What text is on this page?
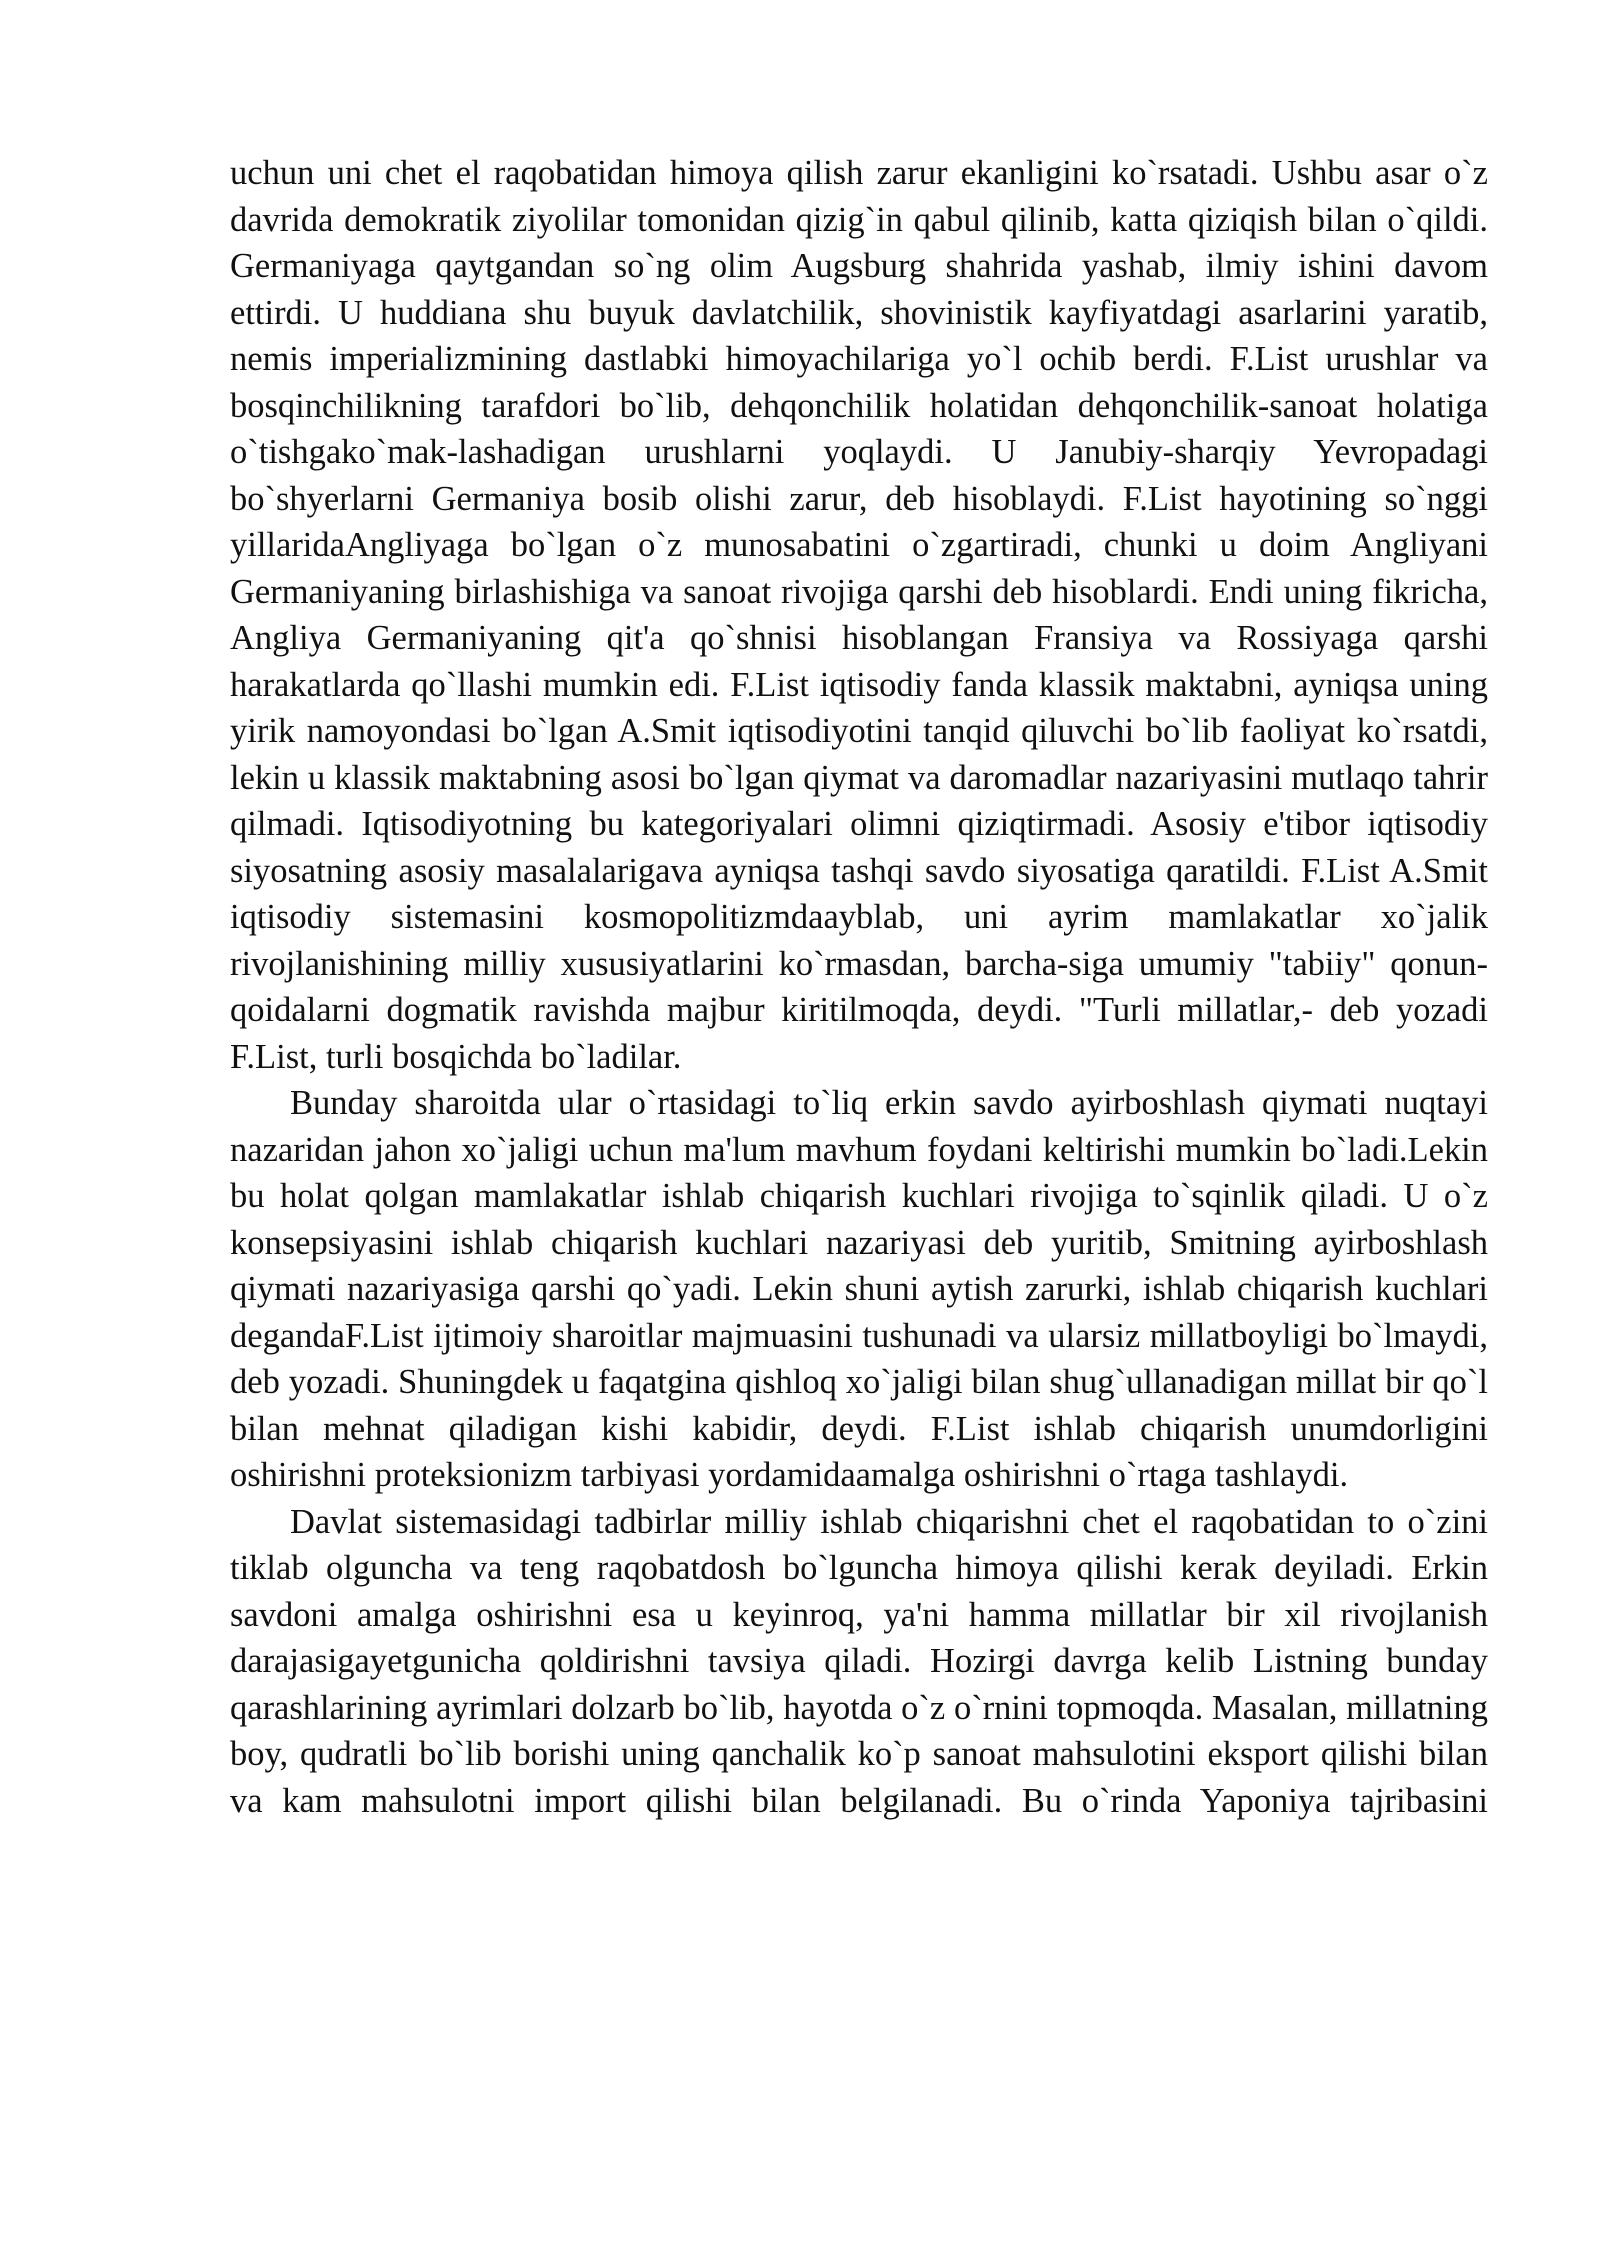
uchun uni chet el raqobatidan himoya qilish zarur ekanligini ko`rsatadi. Ushbu asar o`z davrida demokratik ziyolilar tomonidan qizig`in qabul qilinib, katta qiziqish bilan o`qildi. Germaniyaga qaytgandan so`ng olim Augsburg shahrida yashab, ilmiy ishini davom ettirdi. U huddiana shu buyuk davlatchilik, shovinistik kayfiyatdagi asarlarini yaratib, nemis imperializmining dastlabki himoyachilariga yo`l ochib berdi. F.List urushlar va bosqinchilikning tarafdori bo`lib, dehqonchilik holatidan dehqonchilik-sanoat holatiga o`tishgako`mak-lashadigan urushlarni yoqlaydi. U Janubiy-sharqiy Yevropadagi bo`shyerlarni Germaniya bosib olishi zarur, deb hisoblaydi. F.List hayotining so`nggi yillaridaAngliyaga bo`lgan o`z munosabatini o`zgartiradi, chunki u doim Angliyani Germaniyaning birlashishiga va sanoat rivojiga qarshi deb hisoblardi. Endi uning fikricha, Angliya Germaniyaning qit'a qo`shnisi hisoblangan Fransiya va Rossiyaga qarshi harakatlarda qo`llashi mumkin edi. F.List iqtisodiy fanda klassik maktabni, ayniqsa uning yirik namoyondasi bo`lgan A.Smit iqtisodiyotini tanqid qiluvchi bo`lib faoliyat ko`rsatdi, lekin u klassik maktabning asosi bo`lgan qiymat va daromadlar nazariyasini mutlaqo tahrir qilmadi. Iqtisodiyotning bu kategoriyalari olimni qiziqtirmadi. Asosiy e'tibor iqtisodiy siyosatning asosiy masalalarigava ayniqsa tashqi savdo siyosatiga qaratildi. F.List A.Smit iqtisodiy sistemasini kosmopolitizmdaayblab, uni ayrim mamlakatlar xo`jalik rivojlanishining milliy xususiyatlarini ko`rmasdan, barcha-siga umumiy "tabiiy" qonun-qoidalarni dogmatik ravishda majbur kiritilmoqda, deydi. "Turli millatlar,- deb yozadi F.List, turli bosqichda bo`ladilar.

Bunday sharoitda ular o`rtasidagi to`liq erkin savdo ayirboshlash qiymati nuqtayi nazaridan jahon xo`jaligi uchun ma'lum mavhum foydani keltirishi mumkin bo`ladi.Lekin bu holat qolgan mamlakatlar ishlab chiqarish kuchlari rivojiga to`sqinlik qiladi. U o`z konsepsiyasini ishlab chiqarish kuchlari nazariyasi deb yuritib, Smitning ayirboshlash qiymati nazariyasiga qarshi qo`yadi. Lekin shuni aytish zarurki, ishlab chiqarish kuchlari degandaF.List ijtimoiy sharoitlar majmuasini tushunadi va ularsiz millatboyligi bo`lmaydi, deb yozadi. Shuningdek u faqatgina qishloq xo`jaligi bilan shug`ullanadigan millat bir qo`l bilan mehnat qiladigan kishi kabidir, deydi. F.List ishlab chiqarish unumdorligini oshirishni proteksionizm tarbiyasi yordamidaamalga oshirishni o`rtaga tashlaydi.

Davlat sistemasidagi tadbirlar milliy ishlab chiqarishni chet el raqobatidan to o`zini tiklab olguncha va teng raqobatdosh bo`lguncha himoya qilishi kerak deyiladi. Erkin savdoni amalga oshirishni esa u keyinroq, ya'ni hamma millatlar bir xil rivojlanish darajasigayetgunicha qoldirishni tavsiya qiladi. Hozirgi davrga kelib Listning bunday qarashlarining ayrimlari dolzarb bo`lib, hayotda o`z o`rnini topmoqda. Masalan, millatning boy, qudratli bo`lib borishi uning qanchalik ko`p sanoat mahsulotini eksport qilishi bilan va kam mahsulotni import qilishi bilan belgilanadi. Bu o`rinda Yaponiya tajribasini
